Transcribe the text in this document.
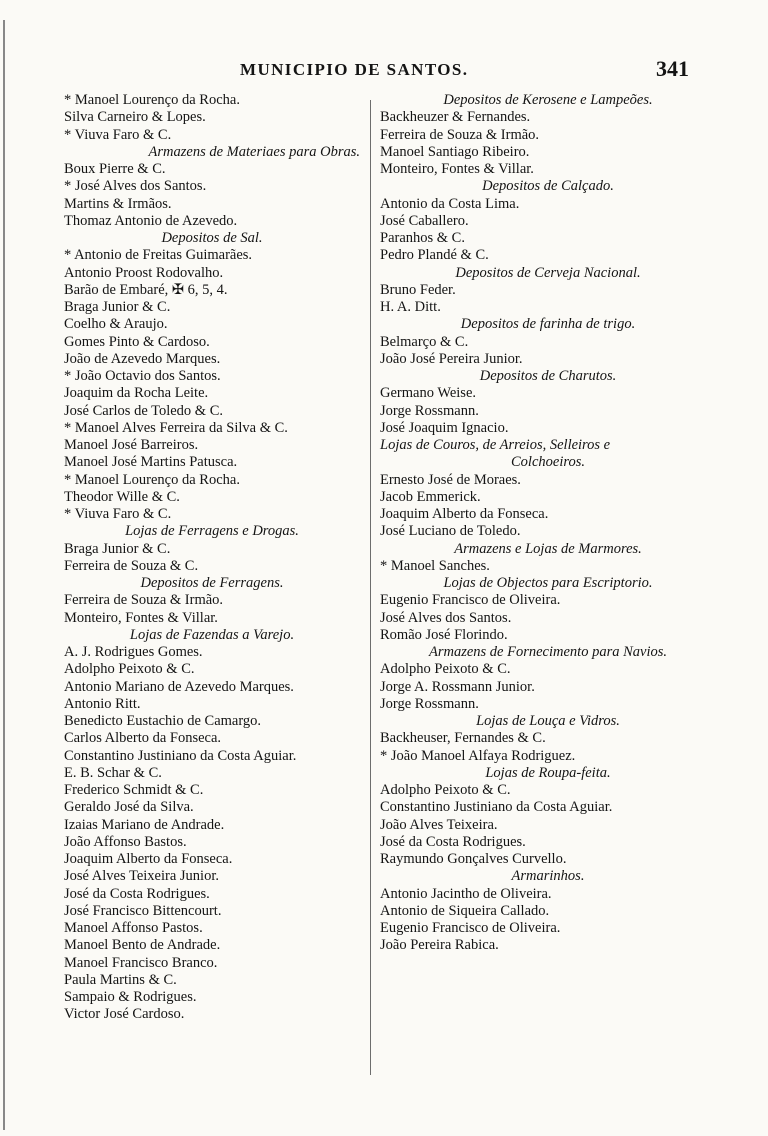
MUNICIPIO DE SANTOS.	341
* Manoel Lourenço da Rocha.
Silva Carneiro & Lopes.
* Viuva Faro & C.
Armazens de Materiaes para Obras.
Boux Pierre & C.
* José Alves dos Santos.
Martins & Irmãos.
Thomaz Antonio de Azevedo.
Depositos de Sal.
* Antonio de Freitas Guimarães.
Antonio Proost Rodovalho.
Barão de Embaré, ✠ 6, 5, 4.
Braga Junior & C.
Coelho & Araujo.
Gomes Pinto & Cardoso.
João de Azevedo Marques.
* João Octavio dos Santos.
Joaquim da Rocha Leite.
José Carlos de Toledo & C.
* Manoel Alves Ferreira da Silva & C.
Manoel José Barreiros.
Manoel José Martins Patusca.
* Manoel Lourenço da Rocha.
Theodor Wille & C.
* Viuva Faro & C.
Lojas de Ferragens e Drogas.
Braga Junior & C.
Ferreira de Souza & C.
Depositos de Ferragens.
Ferreira de Souza & Irmão.
Monteiro, Fontes & Villar.
Lojas de Fazendas a Varejo.
A. J. Rodrigues Gomes.
Adolpho Peixoto & C.
Antonio Mariano de Azevedo Marques.
Antonio Ritt.
Benedicto Eustachio de Camargo.
Carlos Alberto da Fonseca.
Constantino Justiniano da Costa Aguiar.
E. B. Schar & C.
Frederico Schmidt & C.
Geraldo José da Silva.
Izaias Mariano de Andrade.
João Affonso Bastos.
Joaquim Alberto da Fonseca.
José Alves Teixeira Junior.
José da Costa Rodrigues.
José Francisco Bittencourt.
Manoel Affonso Pastos.
Manoel Bento de Andrade.
Manoel Francisco Branco.
Paula Martins & C.
Sampaio & Rodrigues.
Victor José Cardoso.
Depositos de Kerosene e Lampeões.
Backheuzer & Fernandes.
Ferreira de Souza & Irmão.
Manoel Santiago Ribeiro.
Monteiro, Fontes & Villar.
Depositos de Calçado.
Antonio da Costa Lima.
José Caballero.
Paranhos & C.
Pedro Plandé & C.
Depositos de Cerveja Nacional.
Bruno Feder.
H. A. Ditt.
Depositos de farinha de trigo.
Belmarço & C.
João José Pereira Junior.
Depositos de Charutos.
Germano Weise.
Jorge Rossmann.
José Joaquim Ignacio.
Lojas de Couros, de Arreios, Selleiros e
Colchoeiros.
Ernesto José de Moraes.
Jacob Emmerick.
Joaquim Alberto da Fonseca.
José Luciano de Toledo.
Armazens e Lojas de Marmores.
* Manoel Sanches.
Lojas de Objectos para Escriptorio.
Eugenio Francisco de Oliveira.
José Alves dos Santos.
Romão José Florindo.
Armazens de Fornecimento para Navios.
Adolpho Peixoto & C.
Jorge A. Rossmann Junior.
Jorge Rossmann.
Lojas de Louça e Vidros.
Backheuser, Fernandes & C.
* João Manoel Alfaya Rodriguez.
Lojas de Roupa-feita.
Adolpho Peixoto & C.
Constantino Justiniano da Costa Aguiar.
João Alves Teixeira.
José da Costa Rodrigues.
Raymundo Gonçalves Curvello.
Armarinhos.
Antonio Jacintho de Oliveira.
Antonio de Siqueira Callado.
Eugenio Francisco de Oliveira.
João Pereira Rabica.
